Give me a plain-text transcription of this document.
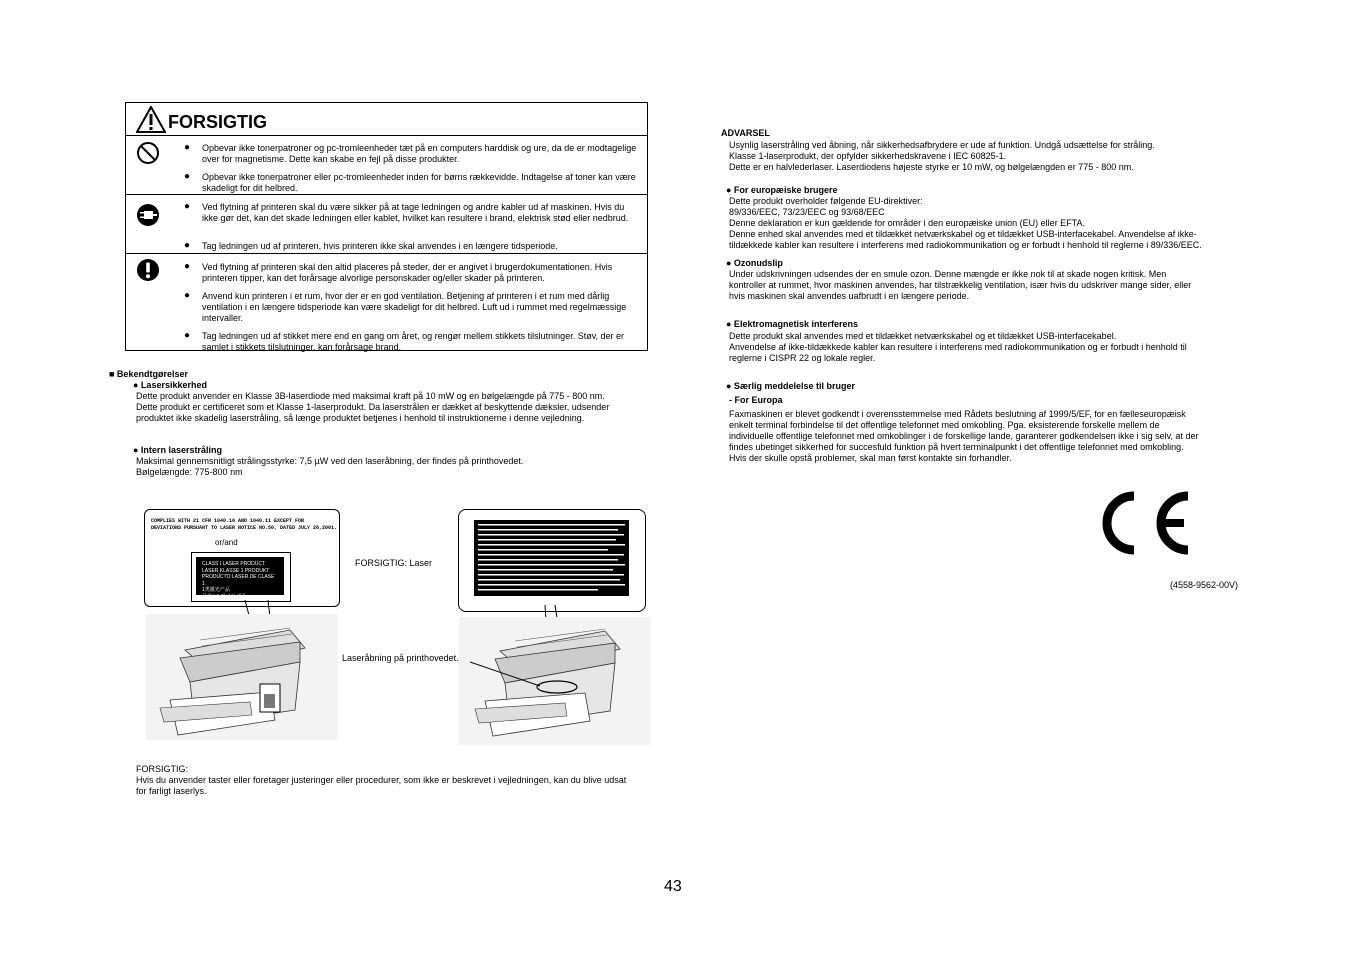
FORSIGTIG
● Opbevar ikke tonerpatroner og pc-tromleenheder tæt på en computers harddisk og ure, da de er modtagelige over for magnetisme. Dette kan skabe en fejl på disse produkter.
● Opbevar ikke tonerpatroner eller pc-tromleenheder inden for børns rækkevidde. Indtagelse af toner kan være skadeligt for dit helbred.
● Ved flytning af printeren skal du være sikker på at tage ledningen og andre kabler ud af maskinen. Hvis du ikke gør det, kan det skade ledningen eller kablet, hvilket kan resultere i brand, elektrisk stød eller nedbrud.
● Tag ledningen ud af printeren, hvis printeren ikke skal anvendes i en længere tidsperiode.
● Ved flytning af printeren skal den altid placeres på steder, der er angivet i brugerdokumentationen. Hvis printeren tipper, kan det forårsage alvorlige personskader og/eller skader på printeren.
● Anvend kun printeren i et rum, hvor der er en god ventilation. Betjening af printeren i et rum med dårlig ventilation i en længere tidsperiode kan være skadeligt for dit helbred. Luft ud i rummet med regelmæssige intervaller.
● Tag ledningen ud af stikket mere end en gang om året, og rengør mellem stikkets tilslutninger. Støv, der er samlet i stikkets tilslutninger, kan forårsage brand.
■ Bekendtgørelser
● Lasersikkerhed
Dette produkt anvender en Klasse 3B-laserdiode med maksimal kraft på 10 mW og en bølgelængde på 775 - 800 nm.
Dette produkt er certificeret som et Klasse 1-laserprodukt. Da laserstrålen er dækket af beskyttende dæksler, udsender
produktet ikke skadelig laserstråling, så længe produktet betjenes i henhold til instruktionerne i denne vejledning.
● Intern laserstråling
Maksimal gennemsnitligt strålingsstyrke: 7,5 µW ved den laseråbning, der findes på printhovedet.
Bølgelængde: 775-800 nm
COMPLIES WITH 21 CFR 1040.10 AND 1040.11 EXCEPT FOR
DEVIATIONS PURSUANT TO LASER NOTICE NO.50, DATED JULY 26,2001.
or/and
CLASS I LASER PRODUCT
LASER KLASSE 1 PRODUKT
PRODUCTO LASER DE CLASE 1
1类激光产品
클래스1 레이저 제품
FORSIGTIG: Laser
Laseråbning på printhovedet.
FORSIGTIG:
Hvis du anvender taster eller foretager justeringer eller procedurer, som ikke er beskrevet i vejledningen, kan du blive udsat
for farligt laserlys.
ADVARSEL
Usynlig laserstråling ved åbning, når sikkerhedsafbrydere er ude af funktion. Undgå udsættelse for stråling.
Klasse 1-laserprodukt, der opfylder sikkerhedskravene i IEC 60825-1.
Dette er en halvlederlaser. Laserdiodens højeste styrke er 10 mW, og bølgelængden er 775 - 800 nm.
● For europæiske brugere
Dette produkt overholder følgende EU-direktiver:
89/336/EEC, 73/23/EEC og 93/68/EEC
Denne deklaration er kun gældende for områder i den europæiske union (EU) eller EFTA.
Denne enhed skal anvendes med et tildækket netværkskabel og et tildækket USB-interfacekabel. Anvendelse af ikke-
tildækkede kabler kan resultere i interferens med radiokommunikation og er forbudt i henhold til reglerne i 89/336/EEC.
● Ozonudslip
Under udskrivningen udsendes der en smule ozon. Denne mængde er ikke nok til at skade nogen kritisk. Men
kontroller at rummet, hvor maskinen anvendes, har tilstrækkelig ventilation, især hvis du udskriver mange sider, eller
hvis maskinen skal anvendes uafbrudt i en længere periode.
● Elektromagnetisk interferens
Dette produkt skal anvendes med et tildækket netværkskabel og et tildækket USB-interfacekabel.
Anvendelse af ikke-tildækkede kabler kan resultere i interferens med radiokommunikation og er forbudt i henhold til
reglerne i CISPR 22 og lokale regler.
● Særlig meddelelse til bruger
- For Europa
Faxmaskinen er blevet godkendt i overensstemmelse med Rådets beslutning af 1999/5/EF, for en fælleseuropæisk
enkelt terminal forbindelse til det offentlige telefonnet med omkobling. Pga. eksisterende forskelle mellem de
individuelle offentlige telefonnet med omkoblinger i de forskellige lande, garanterer godkendelsen ikke i sig selv, at der
findes ubetinget sikkerhed for succesfuld funktion på hvert terminalpunkt i det offentlige telefonnet med omkobling.
Hvis der skulle opstå problemer, skal man først kontakte sin forhandler.
(4558-9562-00V)
43
